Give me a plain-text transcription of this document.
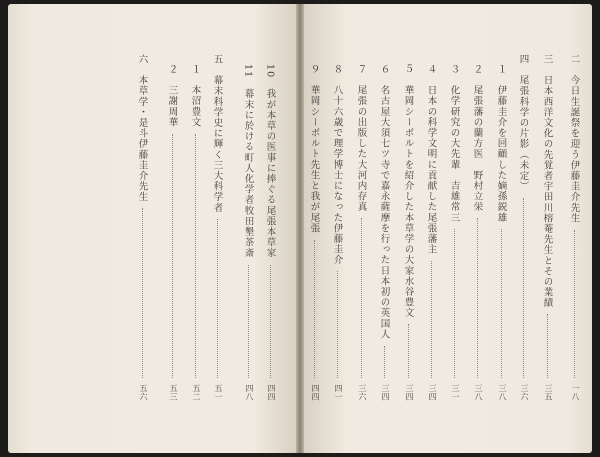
10　我が本草の医事に捧ぐる尾張本草家
四四
11　幕末に於ける町人化学者牧田墾茶斎
四八
五　幕末科学史に輝く三大科学者
五一
１　本沼豊文
五二
２　三謝周華
五三
六　本草学・是斗伊藤圭介先生
五六
二　今日生誕祭を迎う伊藤圭介先生
一八
三　日本西洋文化の先覚者宇田川榕菴先生とその業績
三五
四　尾張科学の片影（未定）
三六
１　伊藤圭介を回顧した嫡孫鋭雄
三八
２　尾張藩の蘭方医　野村立栄
三八
３　化学研究の大先輩　吉雄常三
三一
４　日本の科学文明に貢献した尾張藩主
三四
５　華岡シーボルトを紹介した本草学の大家水谷豊文
三四
６　名古屋大須七ツ寺で嘉永薩摩を行った日本初の英国人
三四
７　尾張の出版した大河内存真
三六
８　八十六歳で理学博士になった伊藤圭介
四一
９　華岡シーボルト先生と我が尾張
四四
